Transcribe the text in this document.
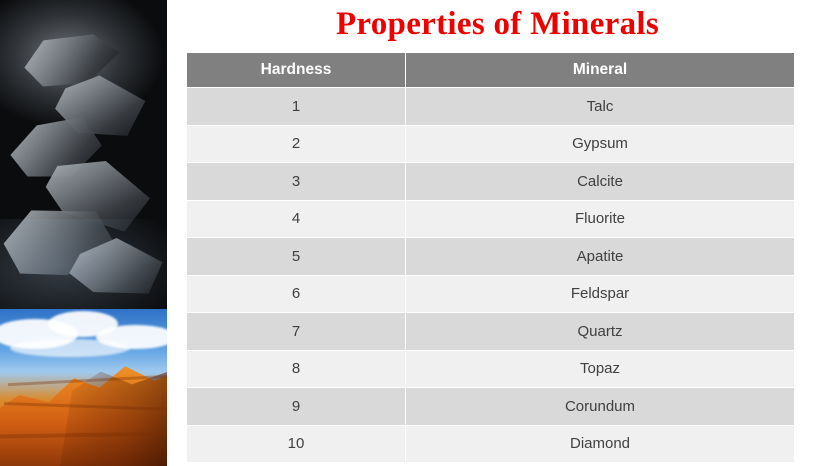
Properties of Minerals
Hardness	Mineral
1	Talc
2	Gypsum
3	Calcite
4	Fluorite
5	Apatite
6	Feldspar
7	Quartz
8	Topaz
9	Corundum
10	Diamond
